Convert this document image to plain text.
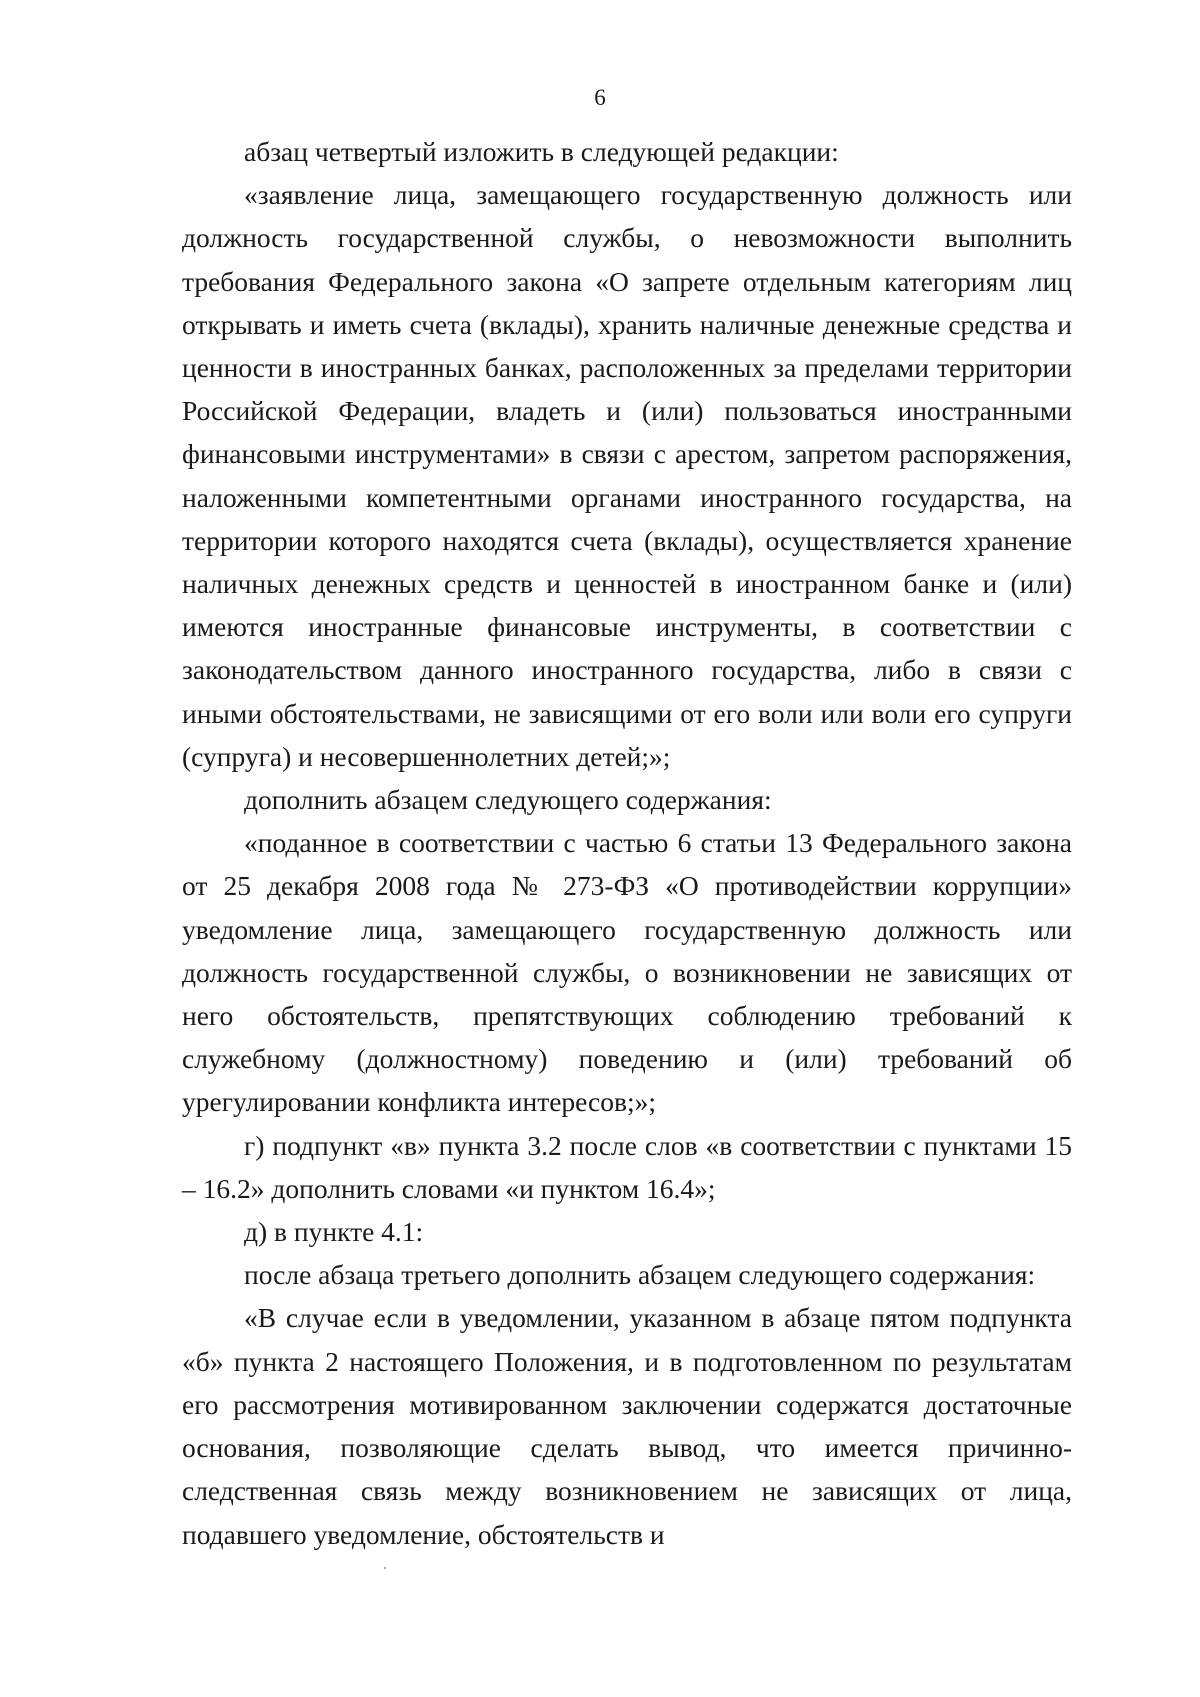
6

абзац четвертый изложить в следующей редакции:

«заявление лица, замещающего государственную должность или должность государственной службы, о невозможности выполнить требования Федерального закона «О запрете отдельным категориям лиц открывать и иметь счета (вклады), хранить наличные денежные средства и ценности в иностранных банках, расположенных за пределами территории Российской Федерации, владеть и (или) пользоваться иностранными финансовыми инструментами» в связи с арестом, запретом распоряжения, наложенными компетентными органами иностранного государства, на территории которого находятся счета (вклады), осуществляется хранение наличных денежных средств и ценностей в иностранном банке и (или) имеются иностранные финансовые инструменты, в соответствии с законодательством данного иностранного государства, либо в связи с иными обстоятельствами, не зависящими от его воли или воли его супруги (супруга) и несовершеннолетних детей;»;

дополнить абзацем следующего содержания:

«поданное в соответствии с частью 6 статьи 13 Федерального закона от 25 декабря 2008 года № 273-ФЗ «О противодействии коррупции» уведомление лица, замещающего государственную должность или должность государственной службы, о возникновении не зависящих от него обстоятельств, препятствующих соблюдению требований к служебному (должностному) поведению и (или) требований об урегулировании конфликта интересов;»;

г) подпункт «в» пункта 3.2 после слов «в соответствии с пунктами 15 – 16.2» дополнить словами «и пунктом 16.4»;

д) в пункте 4.1:

после абзаца третьего дополнить абзацем следующего содержания:

«В случае если в уведомлении, указанном в абзаце пятом подпункта «б» пункта 2 настоящего Положения, и в подготовленном по результатам его рассмотрения мотивированном заключении содержатся достаточные основания, позволяющие сделать вывод, что имеется причинно-следственная связь между возникновением не зависящих от лица, подавшего уведомление, обстоятельств и
